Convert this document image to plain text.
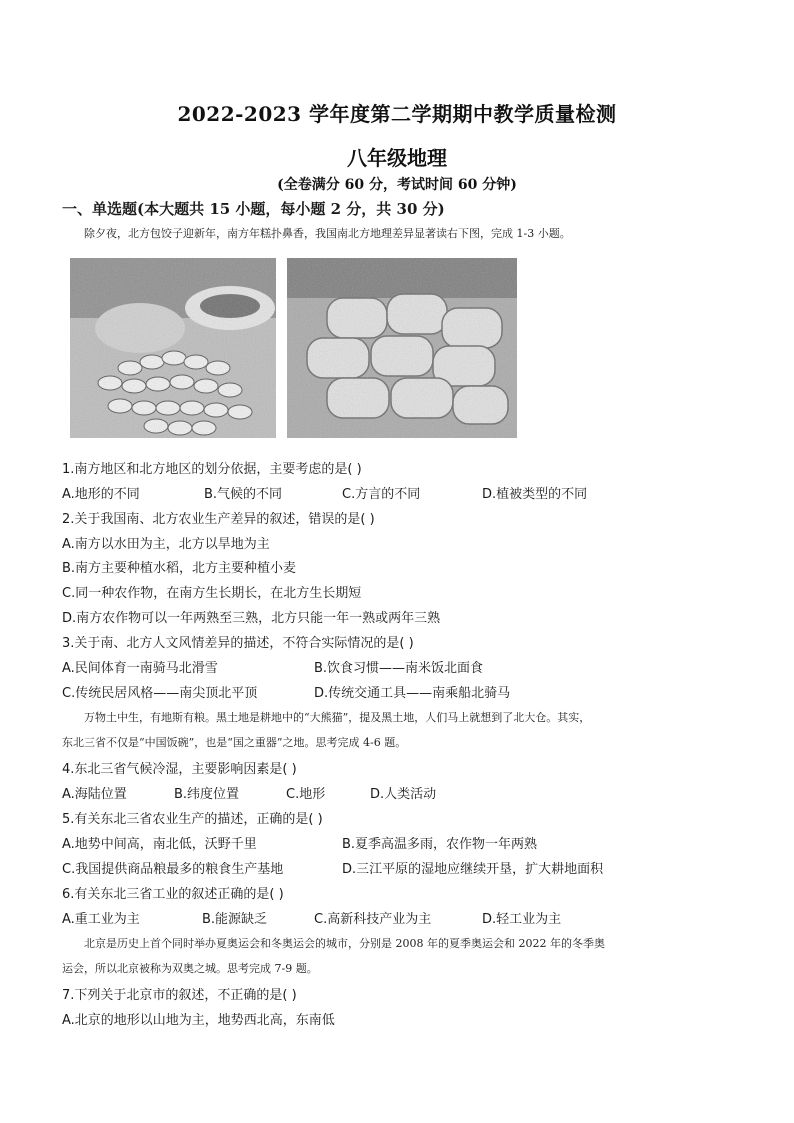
2022-2023 学年度第二学期期中教学质量检测
八年级地理
(全卷满分 60 分，考试时间 60 分钟)
一、单选题(本大题共 15 小题，每小题 2 分，共 30 分)
除夕夜，北方包饺子迎新年，南方年糕扑鼻香，我国南北方地理差异显著读右下图，完成 1-3 小题。
1.南方地区和北方地区的划分依据，主要考虑的是( )
A.地形的不同	B.气候的不同	C.方言的不同	D.植被类型的不同
2.关于我国南、北方农业生产差异的叙述，错误的是( )
A.南方以水田为主，北方以旱地为主
B.南方主要种植水稻，北方主要种植小麦
C.同一种农作物，在南方生长期长，在北方生长期短
D.南方农作物可以一年两熟至三熟，北方只能一年一熟或两年三熟
3.关于南、北方人文风情差异的描述，不符合实际情况的是( )
A.民间体育一南骑马北滑雪	B.饮食习惯——南米饭北面食
C.传统民居风格——南尖顶北平顶	D.传统交通工具——南乘船北骑马
万物土中生，有地斯有粮。黑土地是耕地中的“大熊猫”，提及黑土地，人们马上就想到了北大仓。其实，
东北三省不仅是“中国饭碗”，也是“国之重器”之地。思考完成 4-6 题。
4.东北三省气候冷湿，主要影响因素是( )
A.海陆位置	B.纬度位置	C.地形	D.人类活动
5.有关东北三省农业生产的描述，正确的是( )
A.地势中间高，南北低，沃野千里	B.夏季高温多雨，农作物一年两熟
C.我国提供商品粮最多的粮食生产基地	D.三江平原的湿地应继续开垦，扩大耕地面积
6.有关东北三省工业的叙述正确的是( )
A.重工业为主	B.能源缺乏	C.高新科技产业为主	D.轻工业为主
北京是历史上首个同时举办夏奥运会和冬奥运会的城市，分别是 2008 年的夏季奥运会和 2022 年的冬季奥
运会，所以北京被称为双奥之城。思考完成 7-9 题。
7.下列关于北京市的叙述，不正确的是( )
A.北京的地形以山地为主，地势西北高，东南低
